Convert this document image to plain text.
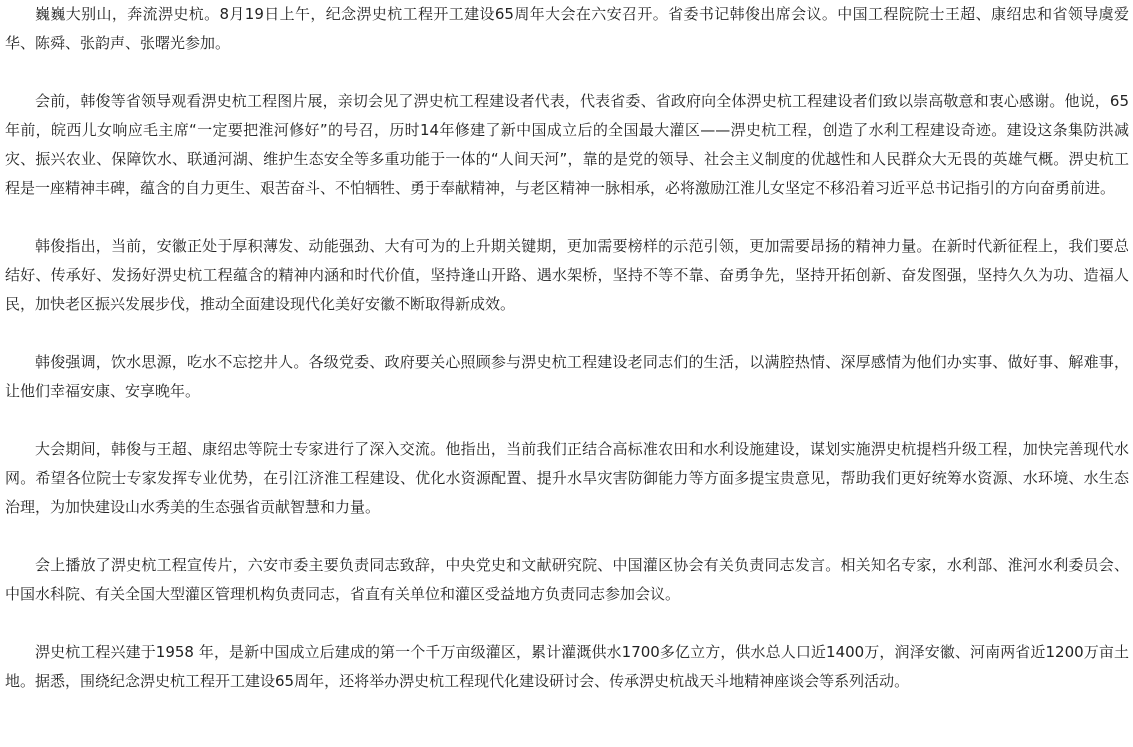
巍巍大别山，奔流淠史杭。8月19日上午，纪念淠史杭工程开工建设65周年大会在六安召开。省委书记韩俊出席会议。中国工程院院士王超、康绍忠和省领导虞爱华、陈舜、张韵声、张曙光参加。

会前，韩俊等省领导观看淠史杭工程图片展，亲切会见了淠史杭工程建设者代表，代表省委、省政府向全体淠史杭工程建设者们致以崇高敬意和衷心感谢。他说，65年前，皖西儿女响应毛主席“一定要把淮河修好”的号召，历时14年修建了新中国成立后的全国最大灌区——淠史杭工程，创造了水利工程建设奇迹。建设这条集防洪减灾、振兴农业、保障饮水、联通河湖、维护生态安全等多重功能于一体的“人间天河”，靠的是党的领导、社会主义制度的优越性和人民群众大无畏的英雄气概。淠史杭工程是一座精神丰碑，蕴含的自力更生、艰苦奋斗、不怕牺牲、勇于奉献精神，与老区精神一脉相承，必将激励江淮儿女坚定不移沿着习近平总书记指引的方向奋勇前进。

韩俊指出，当前，安徽正处于厚积薄发、动能强劲、大有可为的上升期关键期，更加需要榜样的示范引领，更加需要昂扬的精神力量。在新时代新征程上，我们要总结好、传承好、发扬好淠史杭工程蕴含的精神内涵和时代价值，坚持逢山开路、遇水架桥，坚持不等不靠、奋勇争先，坚持开拓创新、奋发图强，坚持久久为功、造福人民，加快老区振兴发展步伐，推动全面建设现代化美好安徽不断取得新成效。

韩俊强调，饮水思源，吃水不忘挖井人。各级党委、政府要关心照顾参与淠史杭工程建设老同志们的生活，以满腔热情、深厚感情为他们办实事、做好事、解难事，让他们幸福安康、安享晚年。

大会期间，韩俊与王超、康绍忠等院士专家进行了深入交流。他指出，当前我们正结合高标准农田和水利设施建设，谋划实施淠史杭提档升级工程，加快完善现代水网。希望各位院士专家发挥专业优势，在引江济淮工程建设、优化水资源配置、提升水旱灾害防御能力等方面多提宝贵意见，帮助我们更好统筹水资源、水环境、水生态治理，为加快建设山水秀美的生态强省贡献智慧和力量。

会上播放了淠史杭工程宣传片，六安市委主要负责同志致辞，中央党史和文献研究院、中国灌区协会有关负责同志发言。相关知名专家，水利部、淮河水利委员会、中国水科院、有关全国大型灌区管理机构负责同志，省直有关单位和灌区受益地方负责同志参加会议。

淠史杭工程兴建于1958 年，是新中国成立后建成的第一个千万亩级灌区，累计灌溉供水1700多亿立方，供水总人口近1400万，润泽安徽、河南两省近1200万亩土地。据悉，围绕纪念淠史杭工程开工建设65周年，还将举办淠史杭工程现代化建设研讨会、传承淠史杭战天斗地精神座谈会等系列活动。
